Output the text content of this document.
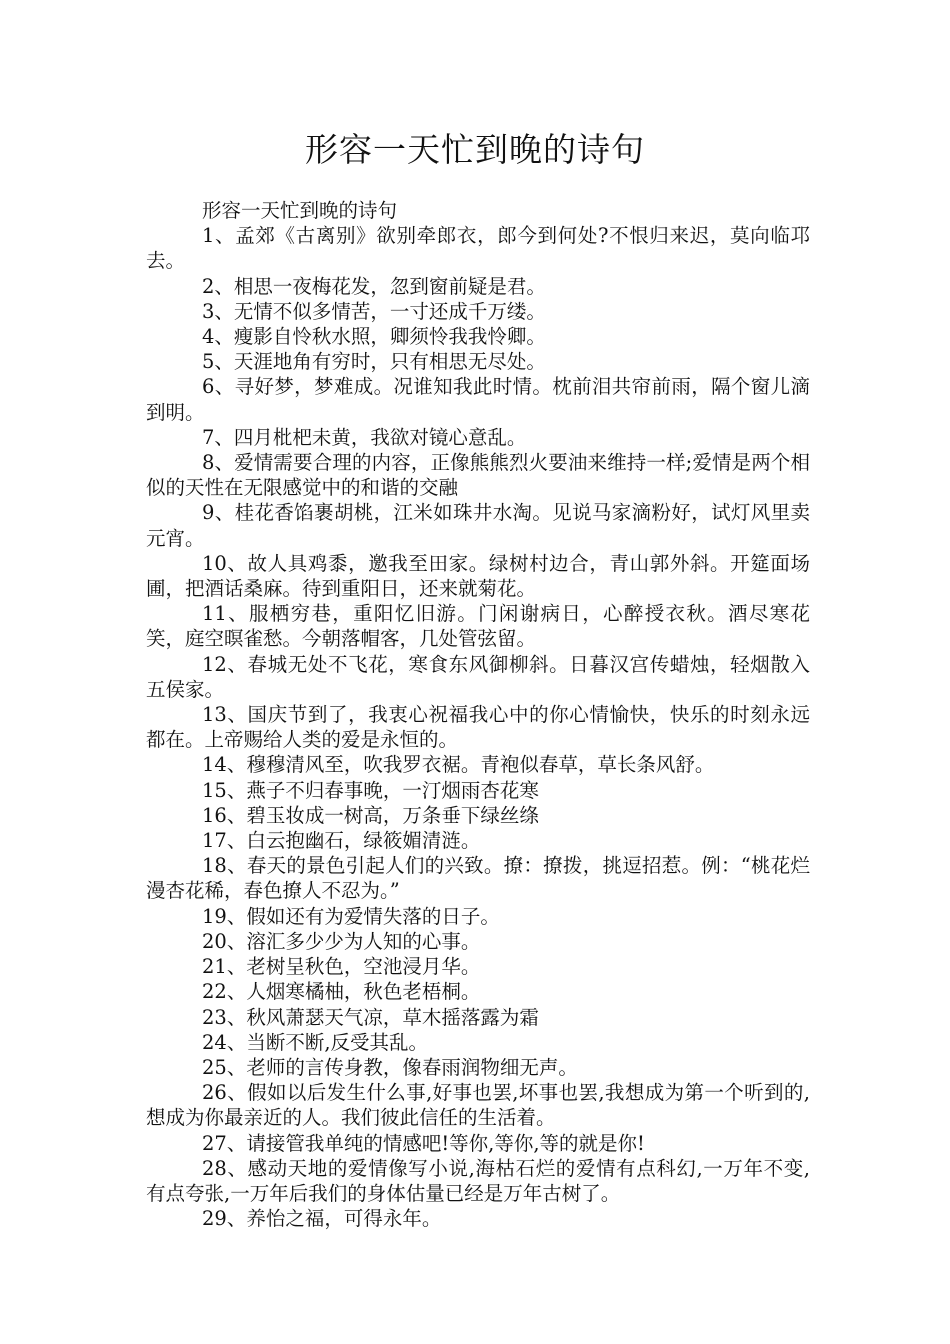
形容一天忙到晚的诗句

形容一天忙到晚的诗句

1、孟郊《古离别》欲别牵郎衣，郎今到何处?不恨归来迟，莫向临邛去。

2、相思一夜梅花发，忽到窗前疑是君。

3、无情不似多情苦，一寸还成千万缕。

4、瘦影自怜秋水照，卿须怜我我怜卿。

5、天涯地角有穷时，只有相思无尽处。

6、寻好梦，梦难成。况谁知我此时情。枕前泪共帘前雨，隔个窗儿滴到明。

7、四月枇杷未黄，我欲对镜心意乱。

8、爱情需要合理的内容，正像熊熊烈火要油来维持一样;爱情是两个相似的天性在无限感觉中的和谐的交融

9、桂花香馅裹胡桃，江米如珠井水淘。见说马家滴粉好，试灯风里卖元宵。

10、故人具鸡黍，邀我至田家。绿树村边合，青山郭外斜。开筵面场圃，把酒话桑麻。待到重阳日，还来就菊花。

11、服栖穷巷，重阳忆旧游。门闲谢病日，心醉授衣秋。酒尽寒花笑，庭空暝雀愁。今朝落帽客，几处管弦留。

12、春城无处不飞花，寒食东风御柳斜。日暮汉宫传蜡烛，轻烟散入五侯家。

13、国庆节到了，我衷心祝福我心中的你心情愉快，快乐的时刻永远都在。上帝赐给人类的爱是永恒的。

14、穆穆清风至，吹我罗衣裾。青袍似春草，草长条风舒。

15、燕子不归春事晚，一汀烟雨杏花寒

16、碧玉妆成一树高，万条垂下绿丝绦

17、白云抱幽石，绿筱媚清涟。

18、春天的景色引起人们的兴致。撩：撩拨，挑逗招惹。例：“桃花烂漫杏花稀，春色撩人不忍为。”

19、假如还有为爱情失落的日子。

20、溶汇多少少为人知的心事。

21、老树呈秋色，空池浸月华。

22、人烟寒橘柚，秋色老梧桐。

23、秋风萧瑟天气凉，草木摇落露为霜

24、当断不断,反受其乱。

25、老师的言传身教，像春雨润物细无声。

26、假如以后发生什么事,好事也罢,坏事也罢,我想成为第一个听到的,想成为你最亲近的人。我们彼此信任的生活着。

27、请接管我单纯的情感吧!等你,等你,等的就是你!

28、感动天地的爱情像写小说,海枯石烂的爱情有点科幻,一万年不变,有点夸张,一万年后我们的身体估量已经是万年古树了。

29、养怡之福，可得永年。
